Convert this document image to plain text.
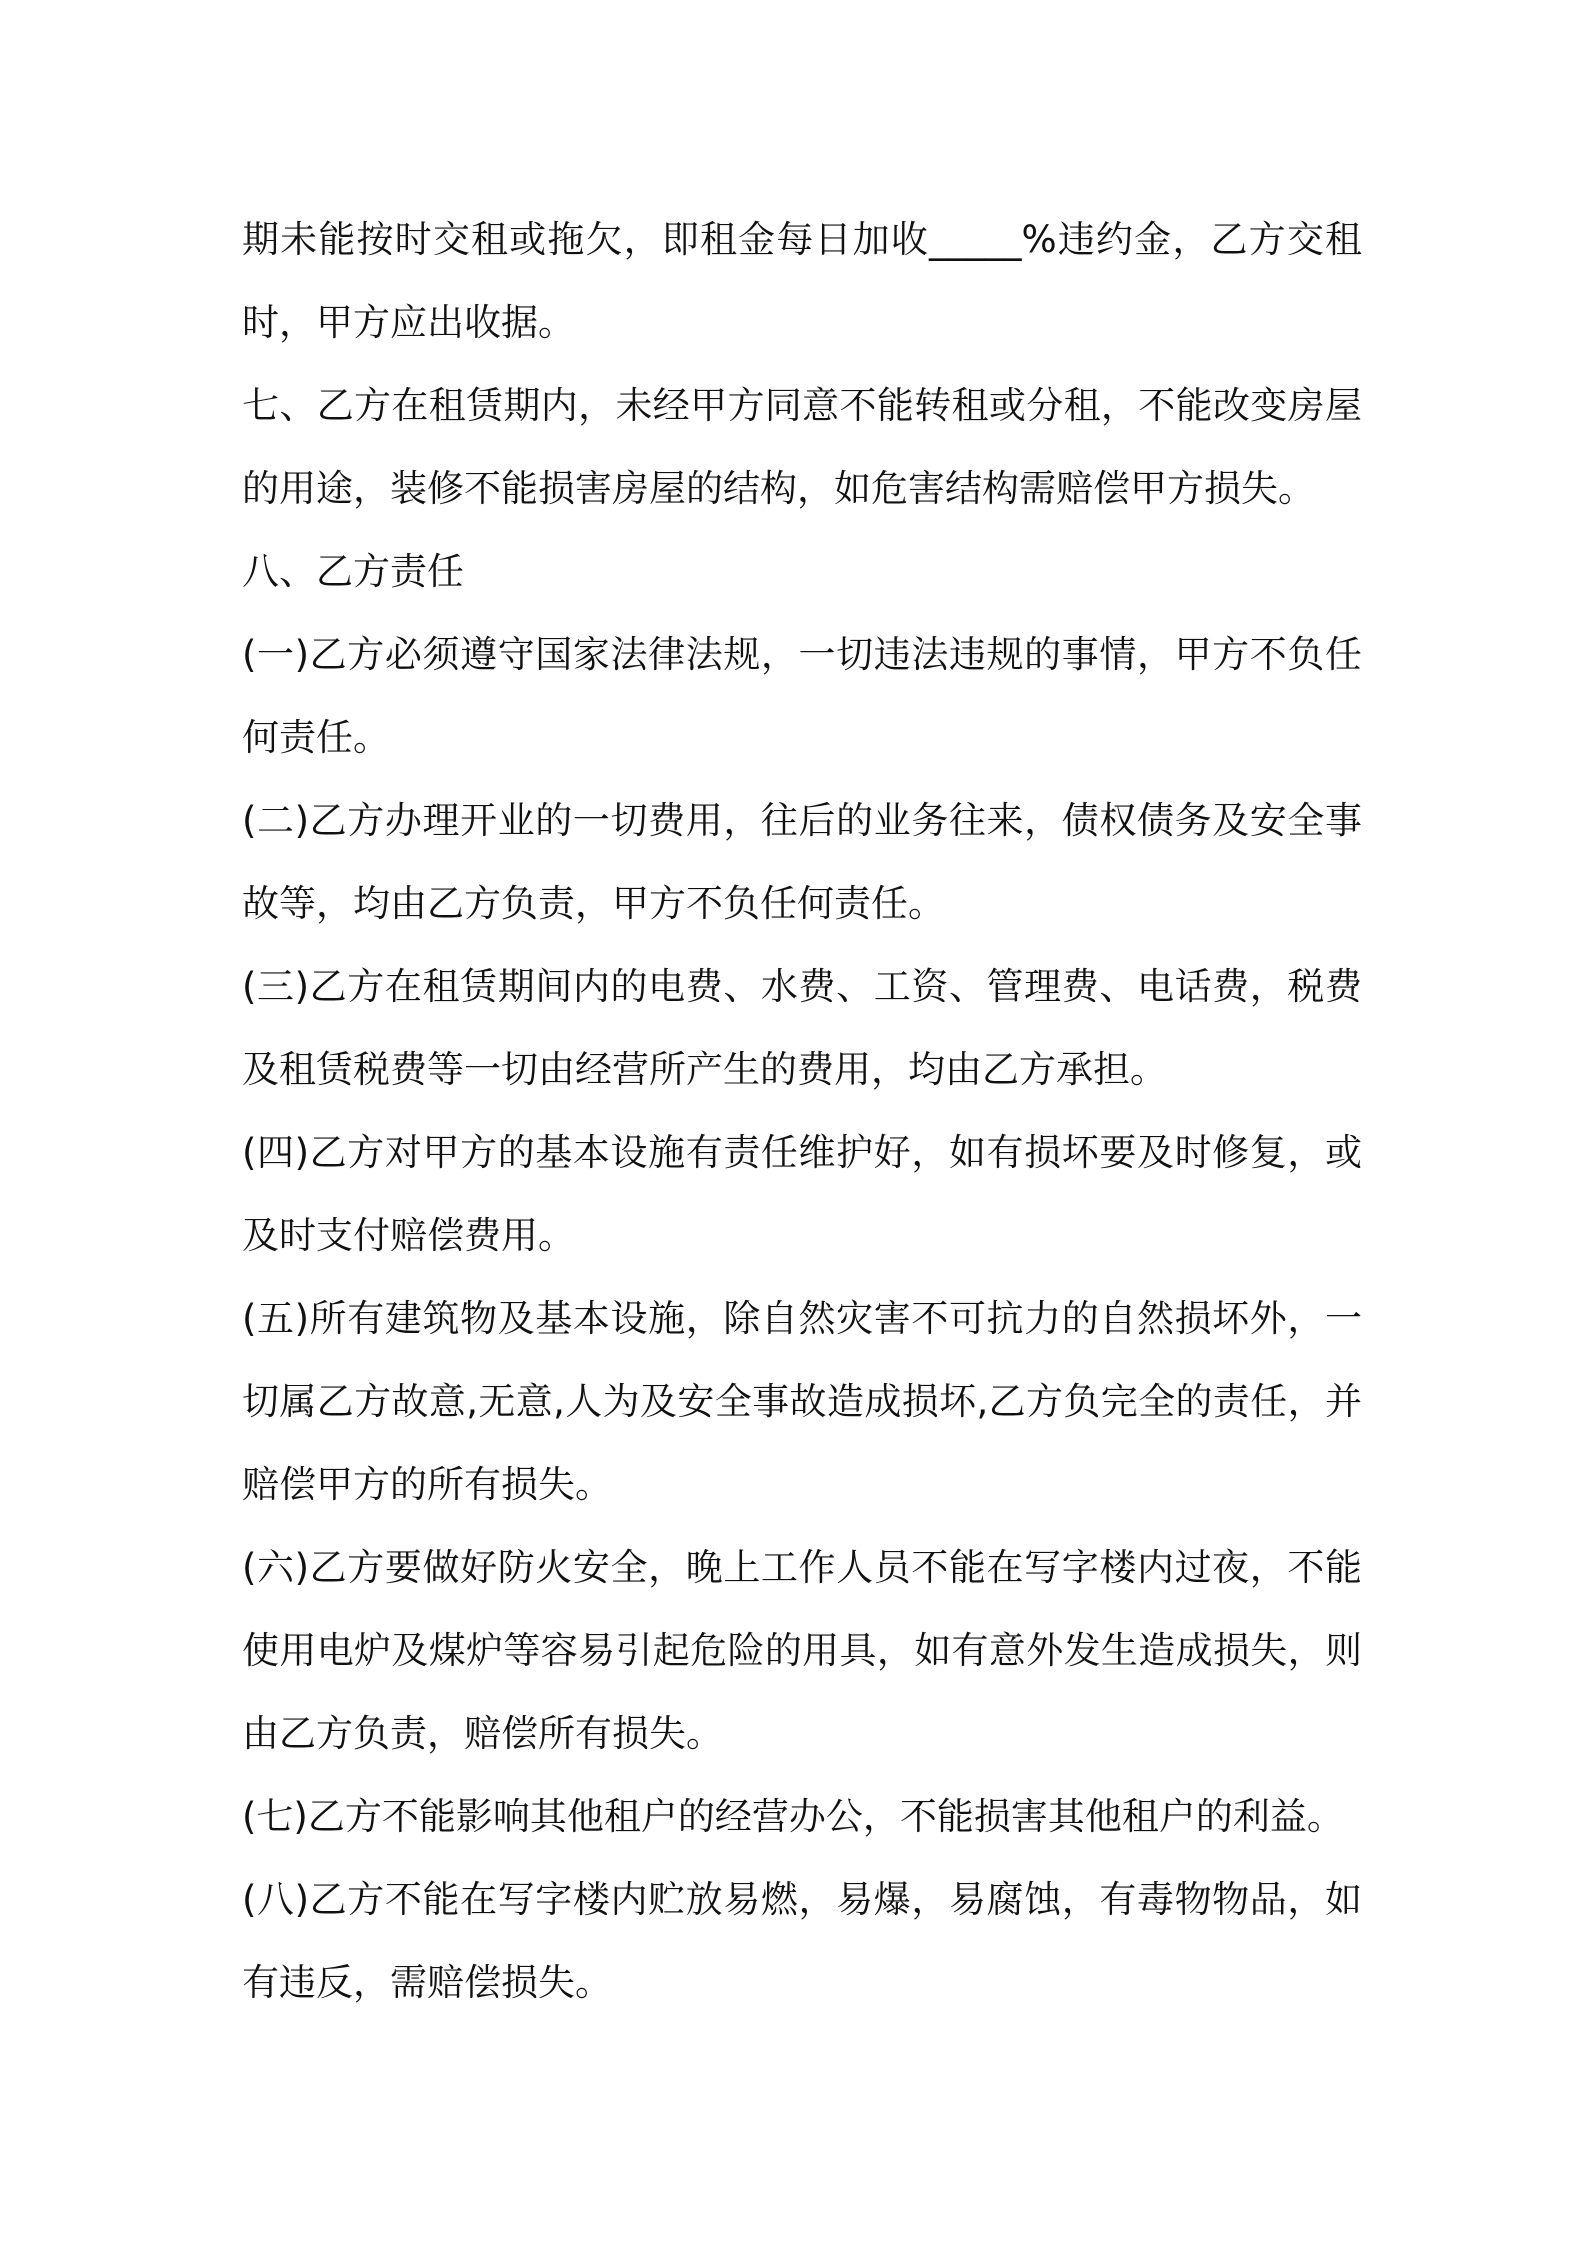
期未能按时交租或拖欠，即租金每日加收_____%违约金，乙方交租时，甲方应出收据。

七、乙方在租赁期内，未经甲方同意不能转租或分租，不能改变房屋的用途，装修不能损害房屋的结构，如危害结构需赔偿甲方损失。

八、乙方责任

(一)乙方必须遵守国家法律法规，一切违法违规的事情，甲方不负任何责任。

(二)乙方办理开业的一切费用，往后的业务往来，债权债务及安全事故等，均由乙方负责，甲方不负任何责任。

(三)乙方在租赁期间内的电费、水费、工资、管理费、电话费，税费及租赁税费等一切由经营所产生的费用，均由乙方承担。

(四)乙方对甲方的基本设施有责任维护好，如有损坏要及时修复，或及时支付赔偿费用。

(五)所有建筑物及基本设施，除自然灾害不可抗力的自然损坏外，一切属乙方故意,无意,人为及安全事故造成损坏,乙方负完全的责任，并赔偿甲方的所有损失。

(六)乙方要做好防火安全，晚上工作人员不能在写字楼内过夜，不能使用电炉及煤炉等容易引起危险的用具，如有意外发生造成损失，则由乙方负责，赔偿所有损失。

(七)乙方不能影响其他租户的经营办公，不能损害其他租户的利益。

(八)乙方不能在写字楼内贮放易燃，易爆，易腐蚀，有毒物物品，如有违反，需赔偿损失。
